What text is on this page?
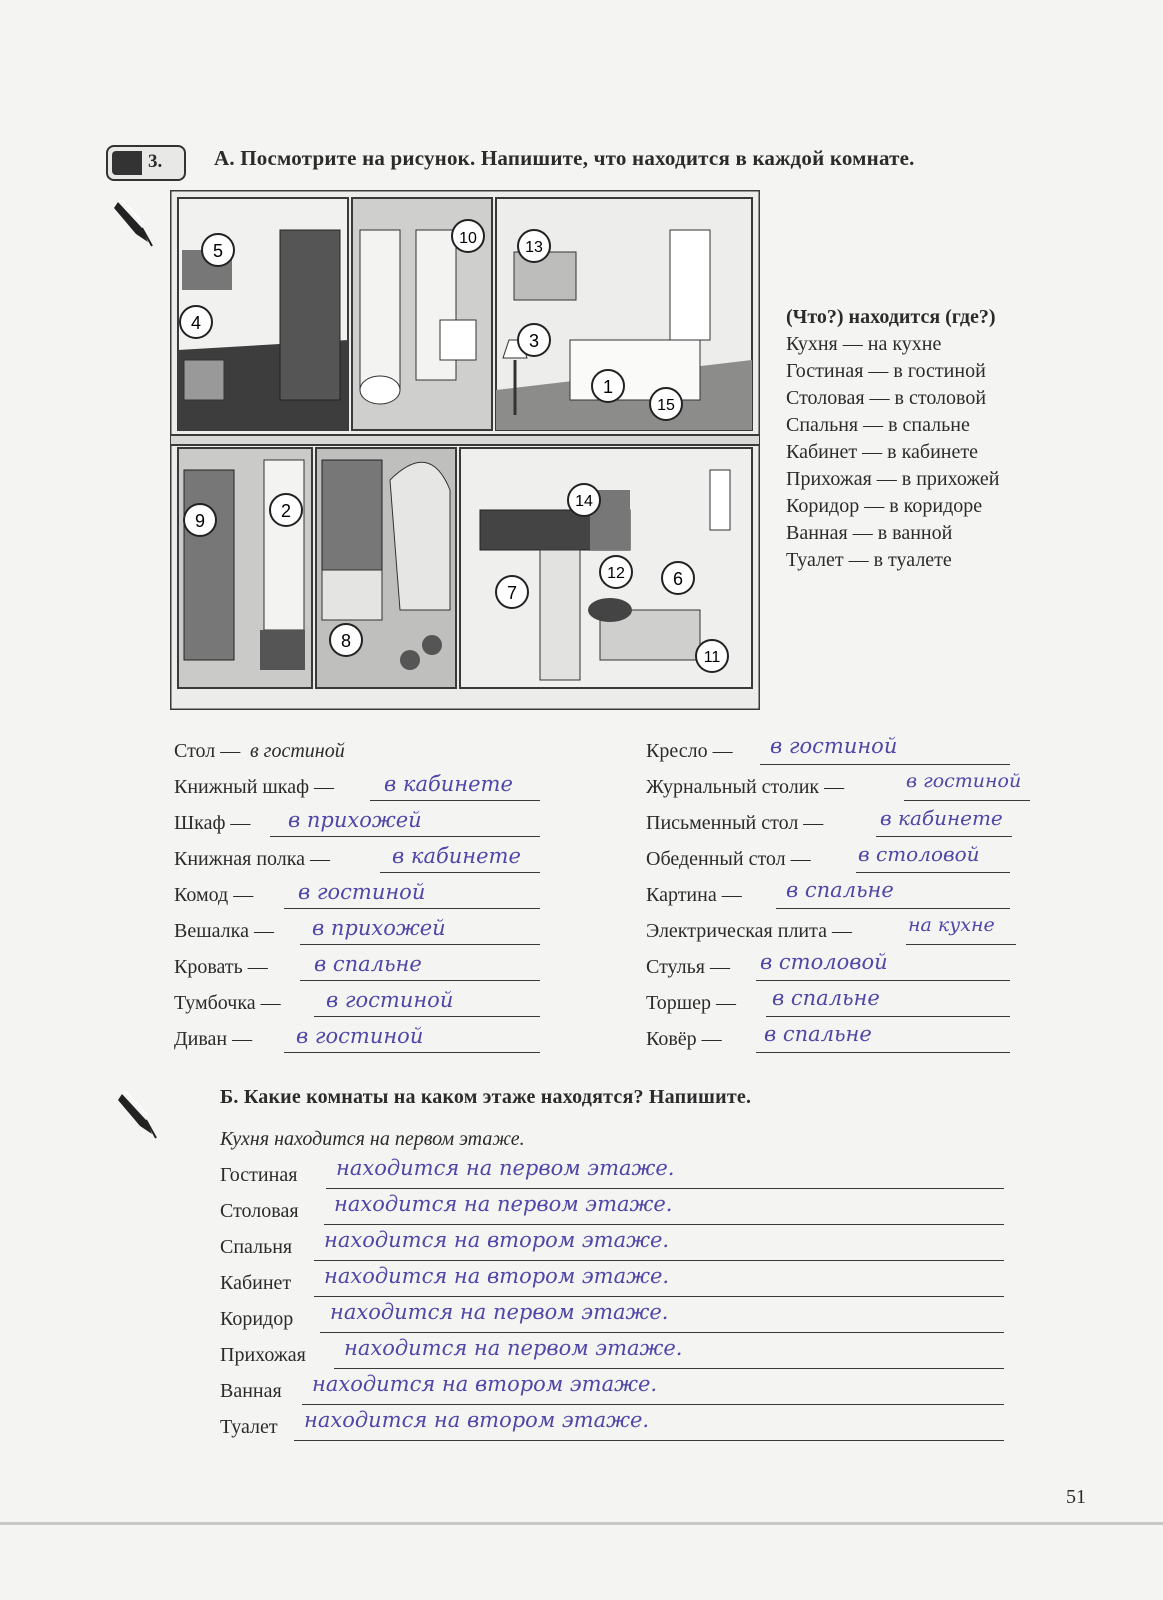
3. А. Посмотрите на рисунок. Напишите, что находится в каждой комнате.
5
4
10
13
3
1
15
9	2
8
14
12	6
7
11
(Что?) находится (где?)
Кухня — на кухне
Гостиная — в гостиной
Столовая — в столовой
Спальня — в спальне
Кабинет — в кабинете
Прихожая — в прихожей
Коридор — в коридоре
Ванная — в ванной
Туалет — в туалете
Стол — в гостиной
Книжный шкаф — в кабинете
Шкаф — в прихожей
Книжная полка —	в кабинете
Комод — в гостиной
Вешалка — в прихожей
Кровать — в спальне
Тумбочка — в гостиной
Диван — в гостиной
Кресло — в гостиной
Журнальный столик —	в гостиной
Письменный стол —	в кабинете
Обеденный стол — в столовой
Картина — в спальне
Электрическая плита —	на кухне
Стулья — в столовой
Торшер — в спальне
Ковёр — в спальне
Б. Какие комнаты на каком этаже находятся? Напишите.
Кухня находится на первом этаже.
Гостиная находится на первом этаже.
Столовая находится на первом этаже.
Спальня находится на втором этаже.
Кабинет находится на втором этаже.
Коридор находится на первом этаже.
Прихожая находится на первом этаже.
Ванная находится на втором этаже.
Туалет находится на втором этаже.
51
